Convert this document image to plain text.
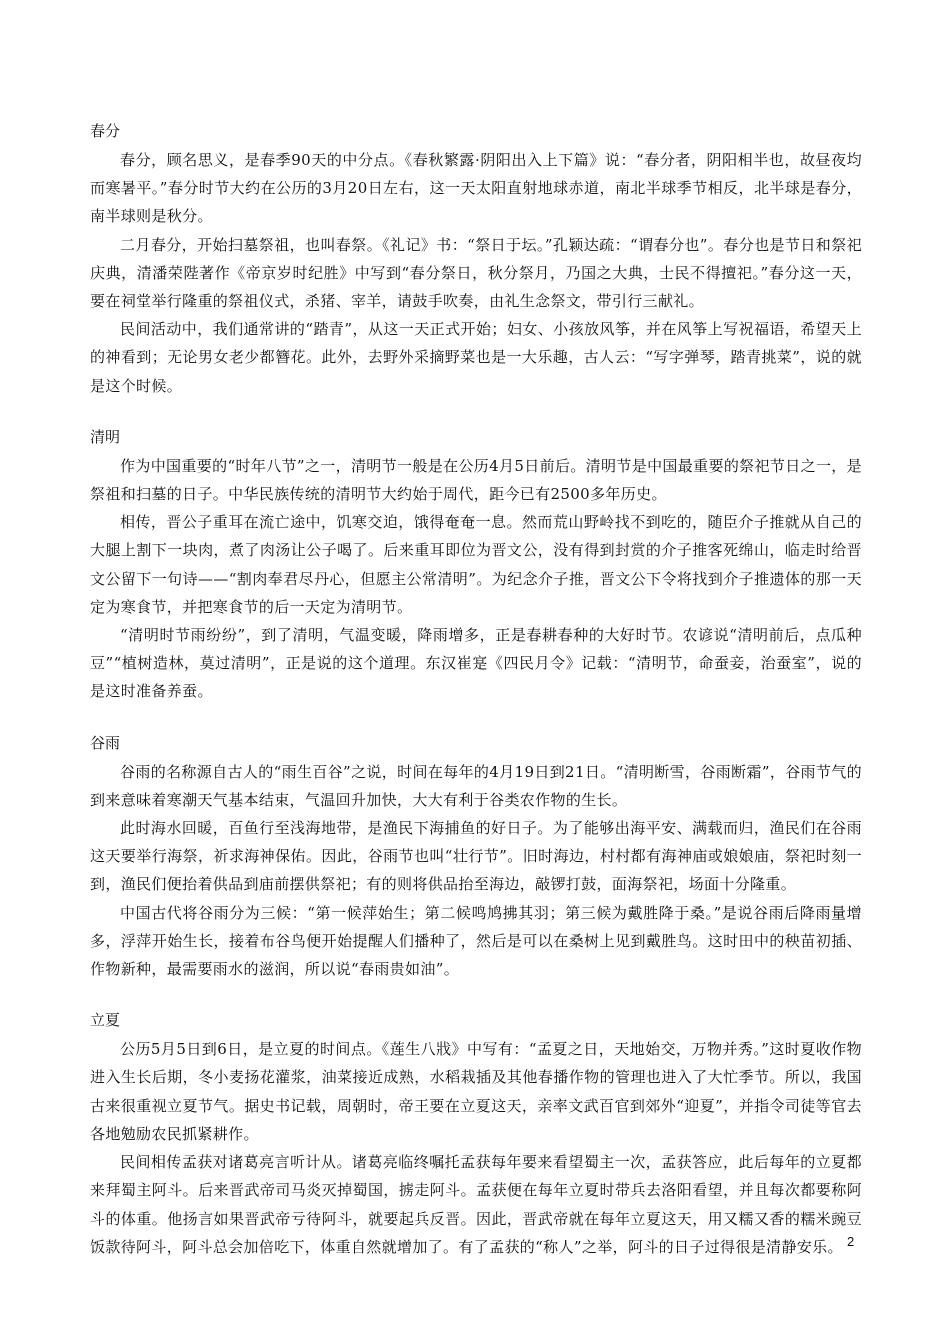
春分

春分，顾名思义，是春季90天的中分点。《春秋繁露·阴阳出入上下篇》说：“春分者，阴阳相半也，故昼夜均而寒暑平。”春分时节大约在公历的3月20日左右，这一天太阳直射地球赤道，南北半球季节相反，北半球是春分，南半球则是秋分。

二月春分，开始扫墓祭祖，也叫春祭。《礼记》书：“祭日于坛。”孔颖达疏：“谓春分也”。春分也是节日和祭祀庆典，清潘荣陛著作《帝京岁时纪胜》中写到“春分祭日，秋分祭月，乃国之大典，士民不得擅祀。”春分这一天，要在祠堂举行隆重的祭祖仪式，杀猪、宰羊，请鼓手吹奏，由礼生念祭文，带引行三献礼。

民间活动中，我们通常讲的“踏青”，从这一天正式开始；妇女、小孩放风筝，并在风筝上写祝福语，希望天上的神看到；无论男女老少都簪花。此外，去野外采摘野菜也是一大乐趣，古人云：“写字弹琴，踏青挑菜”，说的就是这个时候。

清明

作为中国重要的“时年八节”之一，清明节一般是在公历4月5日前后。清明节是中国最重要的祭祀节日之一，是祭祖和扫墓的日子。中华民族传统的清明节大约始于周代，距今已有2500多年历史。

相传，晋公子重耳在流亡途中，饥寒交迫，饿得奄奄一息。然而荒山野岭找不到吃的，随臣介子推就从自己的大腿上割下一块肉，煮了肉汤让公子喝了。后来重耳即位为晋文公，没有得到封赏的介子推客死绵山，临走时给晋文公留下一句诗——“割肉奉君尽丹心，但愿主公常清明”。为纪念介子推，晋文公下令将找到介子推遗体的那一天定为寒食节，并把寒食节的后一天定为清明节。

“清明时节雨纷纷”，到了清明，气温变暖，降雨增多，正是春耕春种的大好时节。农谚说“清明前后，点瓜种豆”“植树造林，莫过清明”，正是说的这个道理。东汉崔寔《四民月令》记载：“清明节，命蚕妾，治蚕室”，说的是这时准备养蚕。

谷雨

谷雨的名称源自古人的“雨生百谷”之说，时间在每年的4月19日到21日。“清明断雪，谷雨断霜”，谷雨节气的到来意味着寒潮天气基本结束，气温回升加快，大大有利于谷类农作物的生长。

此时海水回暖，百鱼行至浅海地带，是渔民下海捕鱼的好日子。为了能够出海平安、满载而归，渔民们在谷雨这天要举行海祭，祈求海神保佑。因此，谷雨节也叫“壮行节”。旧时海边，村村都有海神庙或娘娘庙，祭祀时刻一到，渔民们便抬着供品到庙前摆供祭祀；有的则将供品抬至海边，敲锣打鼓，面海祭祀，场面十分隆重。

中国古代将谷雨分为三候：“第一候萍始生；第二候鸣鸠拂其羽；第三候为戴胜降于桑。”是说谷雨后降雨量增多，浮萍开始生长，接着布谷鸟便开始提醒人们播种了，然后是可以在桑树上见到戴胜鸟。这时田中的秧苗初插、作物新种，最需要雨水的滋润，所以说“春雨贵如油”。

立夏

公历5月5日到6日，是立夏的时间点。《莲生八戕》中写有：“孟夏之日，天地始交，万物并秀。”这时夏收作物进入生长后期，冬小麦扬花灌浆，油菜接近成熟，水稻栽插及其他春播作物的管理也进入了大忙季节。所以，我国古来很重视立夏节气。据史书记载，周朝时，帝王要在立夏这天，亲率文武百官到郊外“迎夏”，并指令司徒等官去各地勉励农民抓紧耕作。

民间相传孟获对诸葛亮言听计从。诸葛亮临终嘱托孟获每年要来看望蜀主一次，孟获答应，此后每年的立夏都来拜蜀主阿斗。后来晋武帝司马炎灭掉蜀国，掳走阿斗。孟获便在每年立夏时带兵去洛阳看望，并且每次都要称阿斗的体重。他扬言如果晋武帝亏待阿斗，就要起兵反晋。因此，晋武帝就在每年立夏这天，用又糯又香的糯米豌豆饭款待阿斗，阿斗总会加倍吃下，体重自然就增加了。有了孟获的“称人”之举，阿斗的日子过得很是清静安乐。 2
